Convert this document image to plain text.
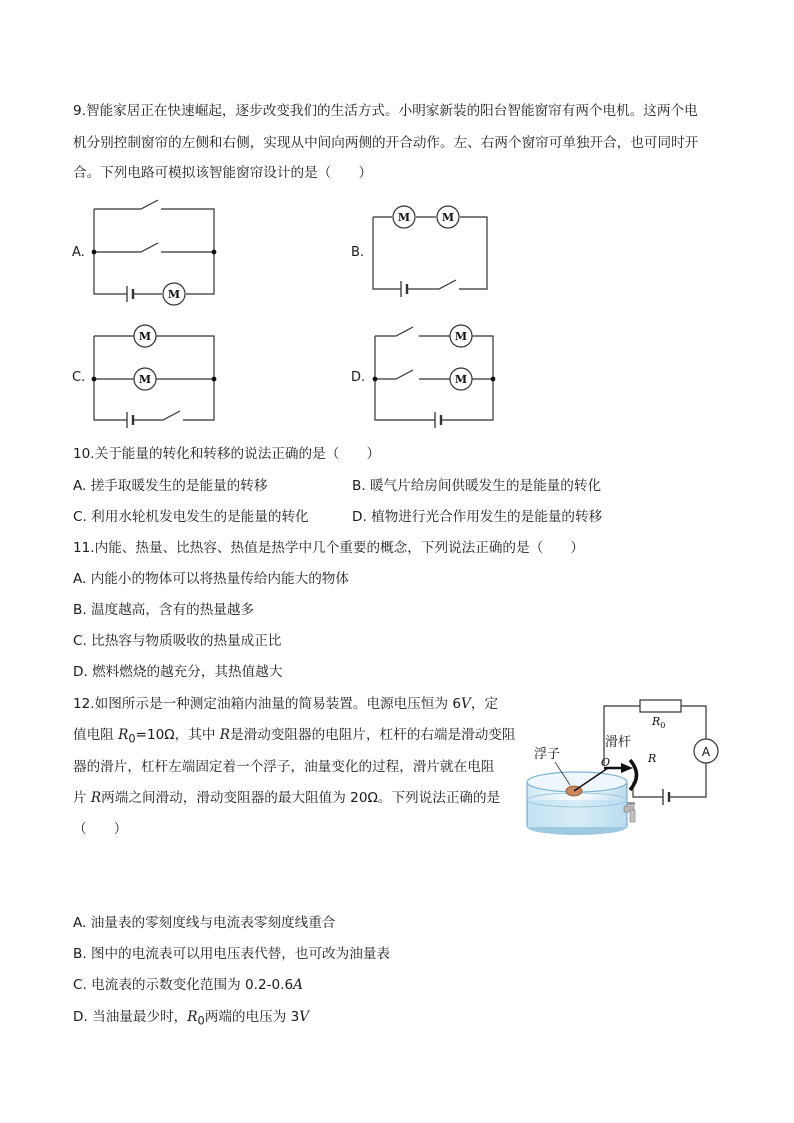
9.智能家居正在快速崛起，逐步改变我们的生活方式。小明家新装的阳台智能窗帘有两个电机。这两个电
机分别控制窗帘的左侧和右侧，实现从中间向两侧的开合动作。左、右两个窗帘可单独开合，也可同时开
合。下列电路可模拟该智能窗帘设计的是（　　）
A.
M
B.
M	M
C.
M
M	D.
M
M
10.关于能量的转化和转移的说法正确的是（　　）
A. 搓手取暖发生的是能量的转移	B. 暖气片给房间供暖发生的是能量的转化
C. 利用水轮机发电发生的是能量的转化	D. 植物进行光合作用发生的是能量的转移
11.内能、热量、比热容、热值是热学中几个重要的概念，下列说法正确的是（　　）
A. 内能小的物体可以将热量传给内能大的物体
B. 温度越高，含有的热量越多
C. 比热容与物质吸收的热量成正比
D. 燃料燃烧的越充分，其热值越大
12.如图所示是一种测定油箱内油量的简易装置。电源电压恒为 6V，定
值电阻 $R_0=10\Omega$，其中 R是滑动变阻器的电阻片，杠杆的右端是滑动变阻
器的滑片，杠杆左端固定着一个浮子，油量变化的过程，滑片就在电阻
片 R两端之间滑动，滑动变阻器的最大阻值为 20Ω。下列说法正确的是
（　　）
A
$R_0$
浮子
滑杆
O	R
A. 油量表的零刻度线与电流表零刻度线重合
B. 图中的电流表可以用电压表代替，也可改为油量表
C. 电流表的示数变化范围为 0.2-0.6A
D. 当油量最少时，$R_0$两端的电压为 3V
